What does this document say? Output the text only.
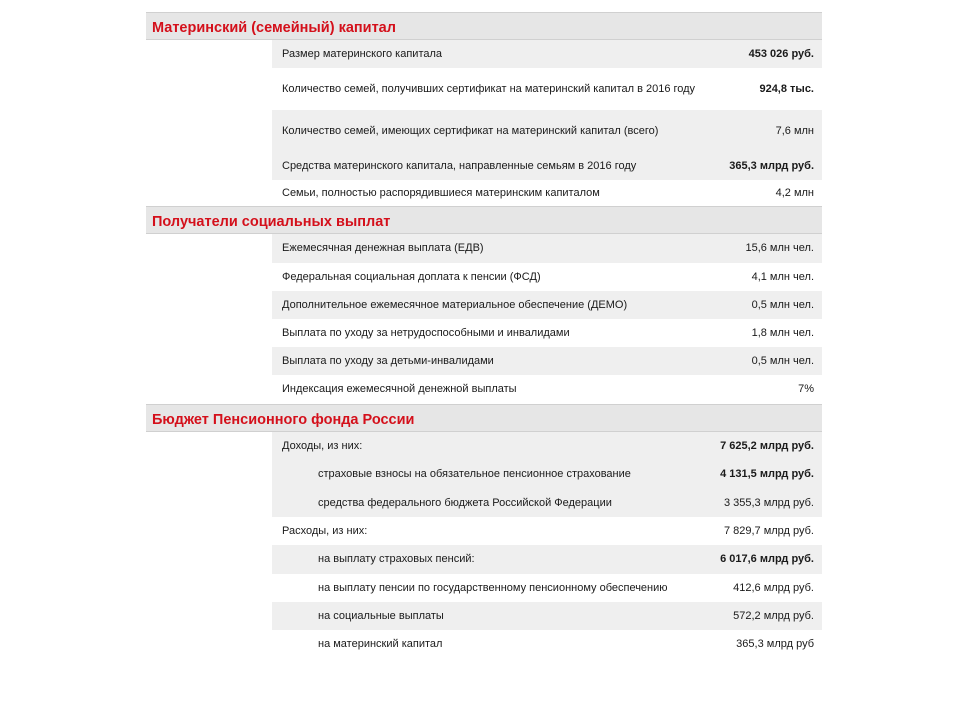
Материнский (семейный) капитал
Размер материнского капитала	453 026 руб.
Количество семей, получивших сертификат на материнский капитал в 2016 году	924,8 тыс.
Количество семей, имеющих сертификат на материнский капитал (всего)	7,6 млн
Средства материнского капитала, направленные семьям в 2016 году	365,3 млрд руб.
Семьи, полностью распорядившиеся материнским капиталом	4,2 млн
Получатели социальных выплат
Ежемесячная денежная выплата (ЕДВ)	15,6 млн чел.
Федеральная социальная доплата к пенсии (ФСД)	4,1 млн чел.
Дополнительное ежемесячное материальное обеспечение (ДЕМО)	0,5 млн чел.
Выплата по уходу за нетрудоспособными и инвалидами	1,8 млн чел.
Выплата по уходу за детьми-инвалидами	0,5 млн чел.
Индексация ежемесячной денежной выплаты	7%
Бюджет Пенсионного фонда России
Доходы, из них:	7 625,2 млрд руб.
страховые взносы на обязательное пенсионное страхование	4 131,5 млрд руб.
средства федерального бюджета Российской Федерации	3 355,3 млрд руб.
Расходы, из них:	7 829,7 млрд руб.
на выплату страховых пенсий:	6 017,6 млрд руб.
на выплату пенсии по государственному пенсионному обеспечению	412,6 млрд руб.
на социальные выплаты	572,2 млрд руб.
на материнский капитал	365,3 млрд руб
